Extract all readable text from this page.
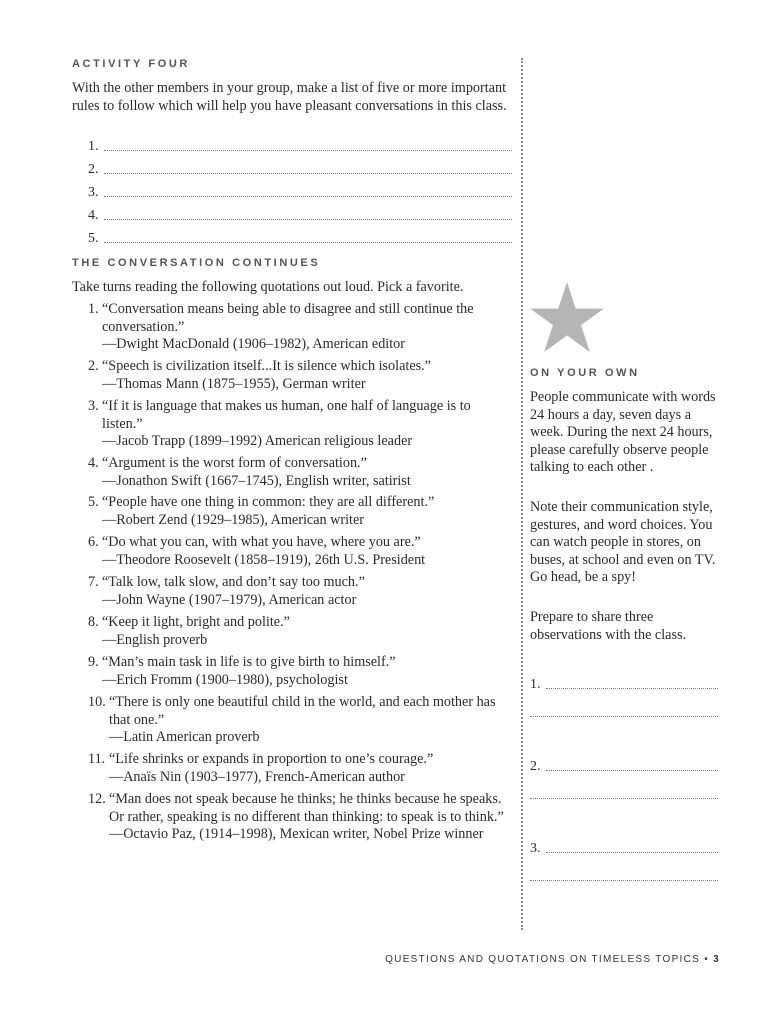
ACTIVITY FOUR

With the other members in your group, make a list of five or more important rules to follow which will help you have pleasant conversations in this class.

1.
2.
3.
4.
5.
THE CONVERSATION CONTINUES

Take turns reading the following quotations out loud. Pick a favorite.

1. “Conversation means being able to disagree and still continue the conversation.”
—Dwight MacDonald (1906–1982), American editor
2. “Speech is civilization itself...It is silence which isolates.”
—Thomas Mann (1875–1955), German writer
3. “If it is language that makes us human, one half of language is to listen.”
—Jacob Trapp (1899–1992) American religious leader
4. “Argument is the worst form of conversation.”
—Jonathon Swift (1667–1745), English writer, satirist
5. “People have one thing in common: they are all different.”
—Robert Zend (1929–1985), American writer
6. “Do what you can, with what you have, where you are.”
—Theodore Roosevelt (1858–1919), 26th U.S. President
7. “Talk low, talk slow, and don’t say too much.”
—John Wayne (1907–1979), American actor
8. “Keep it light, bright and polite.”
—English proverb
9. “Man’s main task in life is to give birth to himself.”
—Erich Fromm (1900–1980), psychologist
10. “There is only one beautiful child in the world, and each mother has that one.”
—Latin American proverb
11. “Life shrinks or expands in proportion to one’s courage.”
—Anaïs Nin (1903–1977), French-American author
12. “Man does not speak because he thinks; he thinks because he speaks. Or rather, speaking is no different than thinking: to speak is to think.”
—Octavio Paz, (1914–1998), Mexican writer, Nobel Prize winner
ON YOUR OWN

People communicate with words 24 hours a day, seven days a week. During the next 24 hours, please carefully observe people talking to each other .

Note their communication style, gestures, and word choices. You can watch people in stores, on buses, at school and even on TV. Go head, be a spy!

Prepare to share three observations with the class.

1.
2.
3.
QUESTIONS AND QUOTATIONS ON TIMELESS TOPICS • 3
